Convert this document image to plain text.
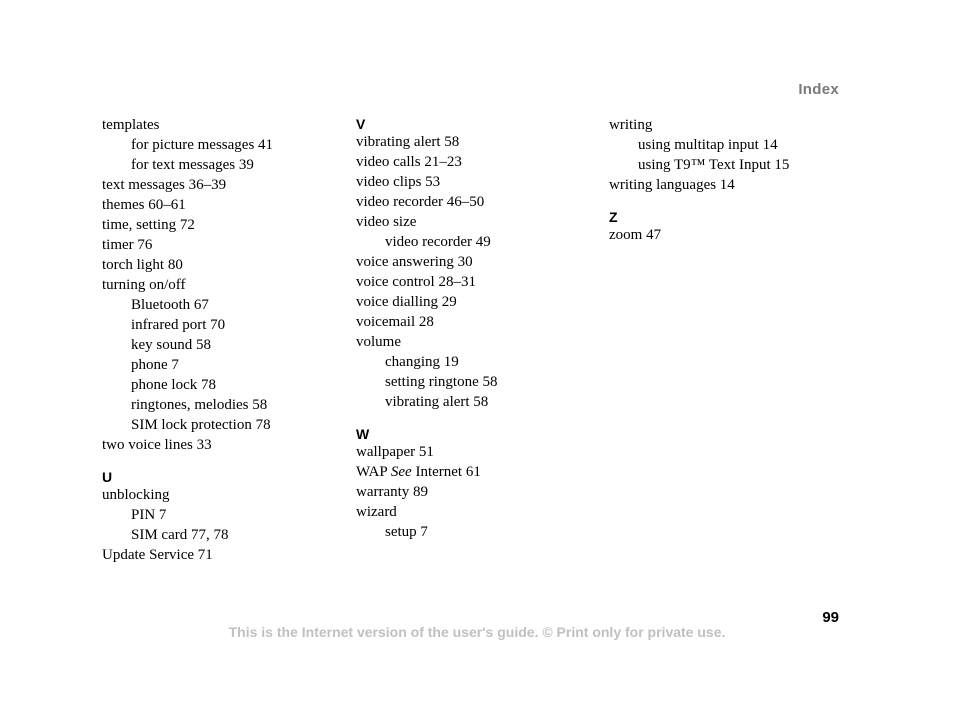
Index
templates
for picture messages 41
for text messages 39
text messages 36–39
themes 60–61
time, setting 72
timer 76
torch light 80
turning on/off
Bluetooth 67
infrared port 70
key sound 58
phone 7
phone lock 78
ringtones, melodies 58
SIM lock protection 78
two voice lines 33
U
unblocking
PIN 7
SIM card 77, 78
Update Service 71
V
vibrating alert 58
video calls 21–23
video clips 53
video recorder 46–50
video size
video recorder 49
voice answering 30
voice control 28–31
voice dialling 29
voicemail 28
volume
changing 19
setting ringtone 58
vibrating alert 58
W
wallpaper 51
WAP See Internet 61
warranty 89
wizard
setup 7
writing
using multitap input 14
using T9™ Text Input 15
writing languages 14
Z
zoom 47
99
This is the Internet version of the user's guide. © Print only for private use.
